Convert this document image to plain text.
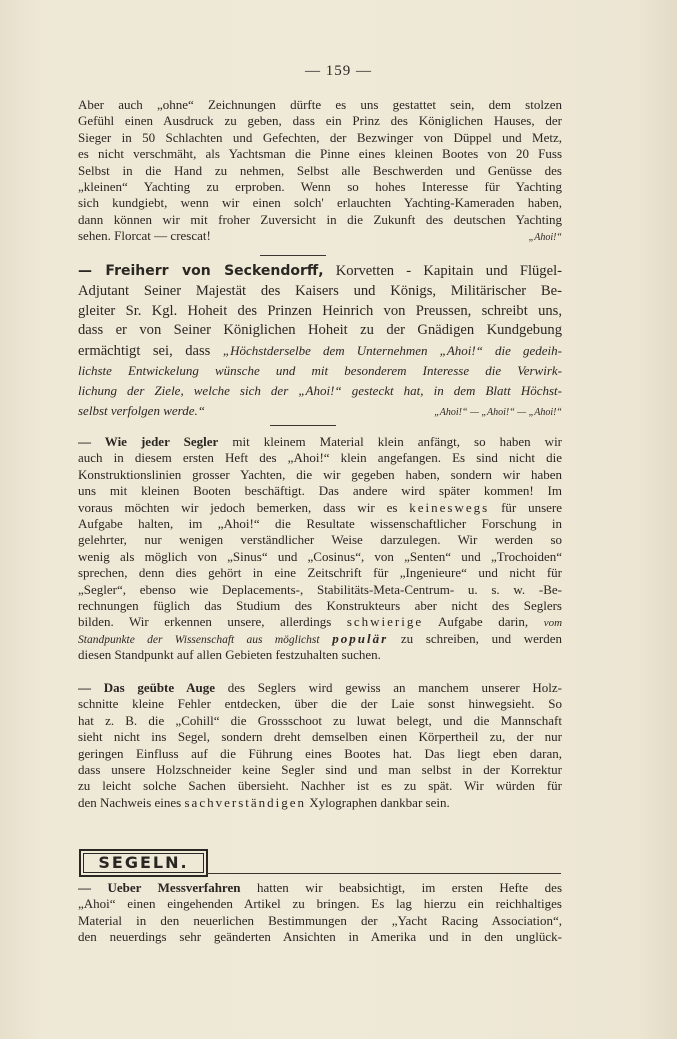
— 159 —
Aber auch „ohne“ Zeichnungen dürfte es uns gestattet sein, dem stolzen
Gefühl einen Ausdruck zu geben, dass ein Prinz des Königlichen Hauses, der
Sieger in 50 Schlachten und Gefechten, der Bezwinger von Düppel und Metz,
es nicht verschmäht, als Yachtsman die Pinne eines kleinen Bootes von 20 Fuss
Selbst in die Hand zu nehmen, Selbst alle Beschwerden und Genüsse des
„kleinen“ Yachting zu erproben. Wenn so hohes Interesse für Yachting
sich kundgiebt, wenn wir einen solch' erlauchten Yachting-Kameraden haben,
dann können wir mit froher Zuversicht in die Zukunft des deutschen Yachting
sehen. Florcat — crescat!	„Ahoi!“
— Freiherr von Seckendorff, Korvetten - Kapitain und Flügel-
Adjutant Seiner Majestät des Kaisers und Königs, Militärischer Be-
gleiter Sr. Kgl. Hoheit des Prinzen Heinrich von Preussen, schreibt uns,
dass er von Seiner Königlichen Hoheit zu der Gnädigen Kundgebung
ermächtigt sei, dass „Höchstderselbe dem Unternehmen „Ahoi!“ die gedeih-
lichste Entwickelung wünsche und mit besonderem Interesse die Verwirk-
lichung der Ziele, welche sich der „Ahoi!“ gesteckt hat, in dem Blatt Höchst-
selbst verfolgen werde.“	„Ahoi!“ — „Ahoi!“ — „Ahoi!“
— Wie jeder Segler mit kleinem Material klein anfängt, so haben wir
auch in diesem ersten Heft des „Ahoi!“ klein angefangen. Es sind nicht die
Konstruktionslinien grosser Yachten, die wir gegeben haben, sondern wir haben
uns mit kleinen Booten beschäftigt. Das andere wird später kommen! Im
voraus möchten wir jedoch bemerken, dass wir es keineswegs für unsere
Aufgabe halten, im „Ahoi!“ die Resultate wissenschaftlicher Forschung in
gelehrter, nur wenigen verständlicher Weise darzulegen. Wir werden so
wenig als möglich von „Sinus“ und „Cosinus“, von „Senten“ und „Trochoiden“
sprechen, denn dies gehört in eine Zeitschrift für „Ingenieure“ und nicht für
„Segler“, ebenso wie Deplacements-, Stabilitäts-Meta-Centrum- u. s. w. -Be-
rechnungen füglich das Studium des Konstrukteurs aber nicht des Seglers
bilden. Wir erkennen unsere, allerdings schwierige Aufgabe darin, vom
Standpunkte der Wissenschaft aus möglichst populär zu schreiben, und werden
diesen Standpunkt auf allen Gebieten festzuhalten suchen.
— Das geübte Auge des Seglers wird gewiss an manchem unserer Holz-
schnitte kleine Fehler entdecken, über die der Laie sonst hinwegsieht. So
hat z. B. die „Cohill“ die Grossschoot zu luwat belegt, und die Mannschaft
sieht nicht ins Segel, sondern dreht demselben einen Körpertheil zu, der nur
geringen Einfluss auf die Führung eines Bootes hat. Das liegt eben daran,
dass unsere Holzschneider keine Segler sind und man selbst in der Korrektur
zu leicht solche Sachen übersieht. Nachher ist es zu spät. Wir würden für
den Nachweis eines sachverständigen Xylographen dankbar sein.
SEGELN.
— Ueber Messverfahren hatten wir beabsichtigt, im ersten Hefte des
„Ahoi“ einen eingehenden Artikel zu bringen. Es lag hierzu ein reichhaltiges
Material in den neuerlichen Bestimmungen der „Yacht Racing Association“,
den neuerdings sehr geänderten Ansichten in Amerika und in den unglück-
